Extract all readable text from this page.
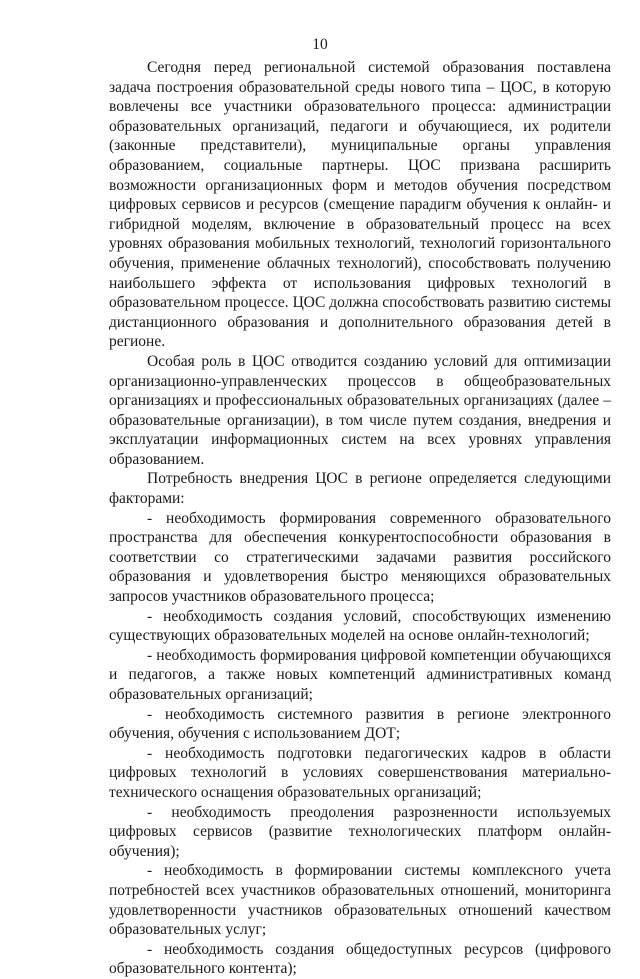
10

Сегодня перед региональной системой образования поставлена задача построения образовательной среды нового типа – ЦОС, в которую вовлечены все участники образовательного процесса: администрации образовательных организаций, педагоги и обучающиеся, их родители (законные представители), муниципальные органы управления образованием, социальные партнеры. ЦОС призвана расширить возможности организационных форм и методов обучения посредством цифровых сервисов и ресурсов (смещение парадигм обучения к онлайн- и гибридной моделям, включение в образовательный процесс на всех уровнях образования мобильных технологий, технологий горизонтального обучения, применение облачных технологий), способствовать получению наибольшего эффекта от использования цифровых технологий в образовательном процессе. ЦОС должна способствовать развитию системы дистанционного образования и дополнительного образования детей в регионе.

Особая роль в ЦОС отводится созданию условий для оптимизации организационно-управленческих процессов в общеобразовательных организациях и профессиональных образовательных организациях (далее – образовательные организации), в том числе путем создания, внедрения и эксплуатации информационных систем на всех уровнях управления образованием.

Потребность внедрения ЦОС в регионе определяется следующими факторами:

- необходимость формирования современного образовательного пространства для обеспечения конкурентоспособности образования в соответствии со стратегическими задачами развития российского образования и удовлетворения быстро меняющихся образовательных запросов участников образовательного процесса;

- необходимость создания условий, способствующих изменению существующих образовательных моделей на основе онлайн-технологий;

- необходимость формирования цифровой компетенции обучающихся и педагогов, а также новых компетенций административных команд образовательных организаций;

- необходимость системного развития в регионе электронного обучения, обучения с использованием ДОТ;

- необходимость подготовки педагогических кадров в области цифровых технологий в условиях совершенствования материально-технического оснащения образовательных организаций;

- необходимость преодоления разрозненности используемых цифровых сервисов (развитие технологических платформ онлайн-обучения);

- необходимость в формировании системы комплексного учета потребностей всех участников образовательных отношений, мониторинга удовлетворенности участников образовательных отношений качеством образовательных услуг;

- необходимость создания общедоступных ресурсов (цифрового образовательного контента);
